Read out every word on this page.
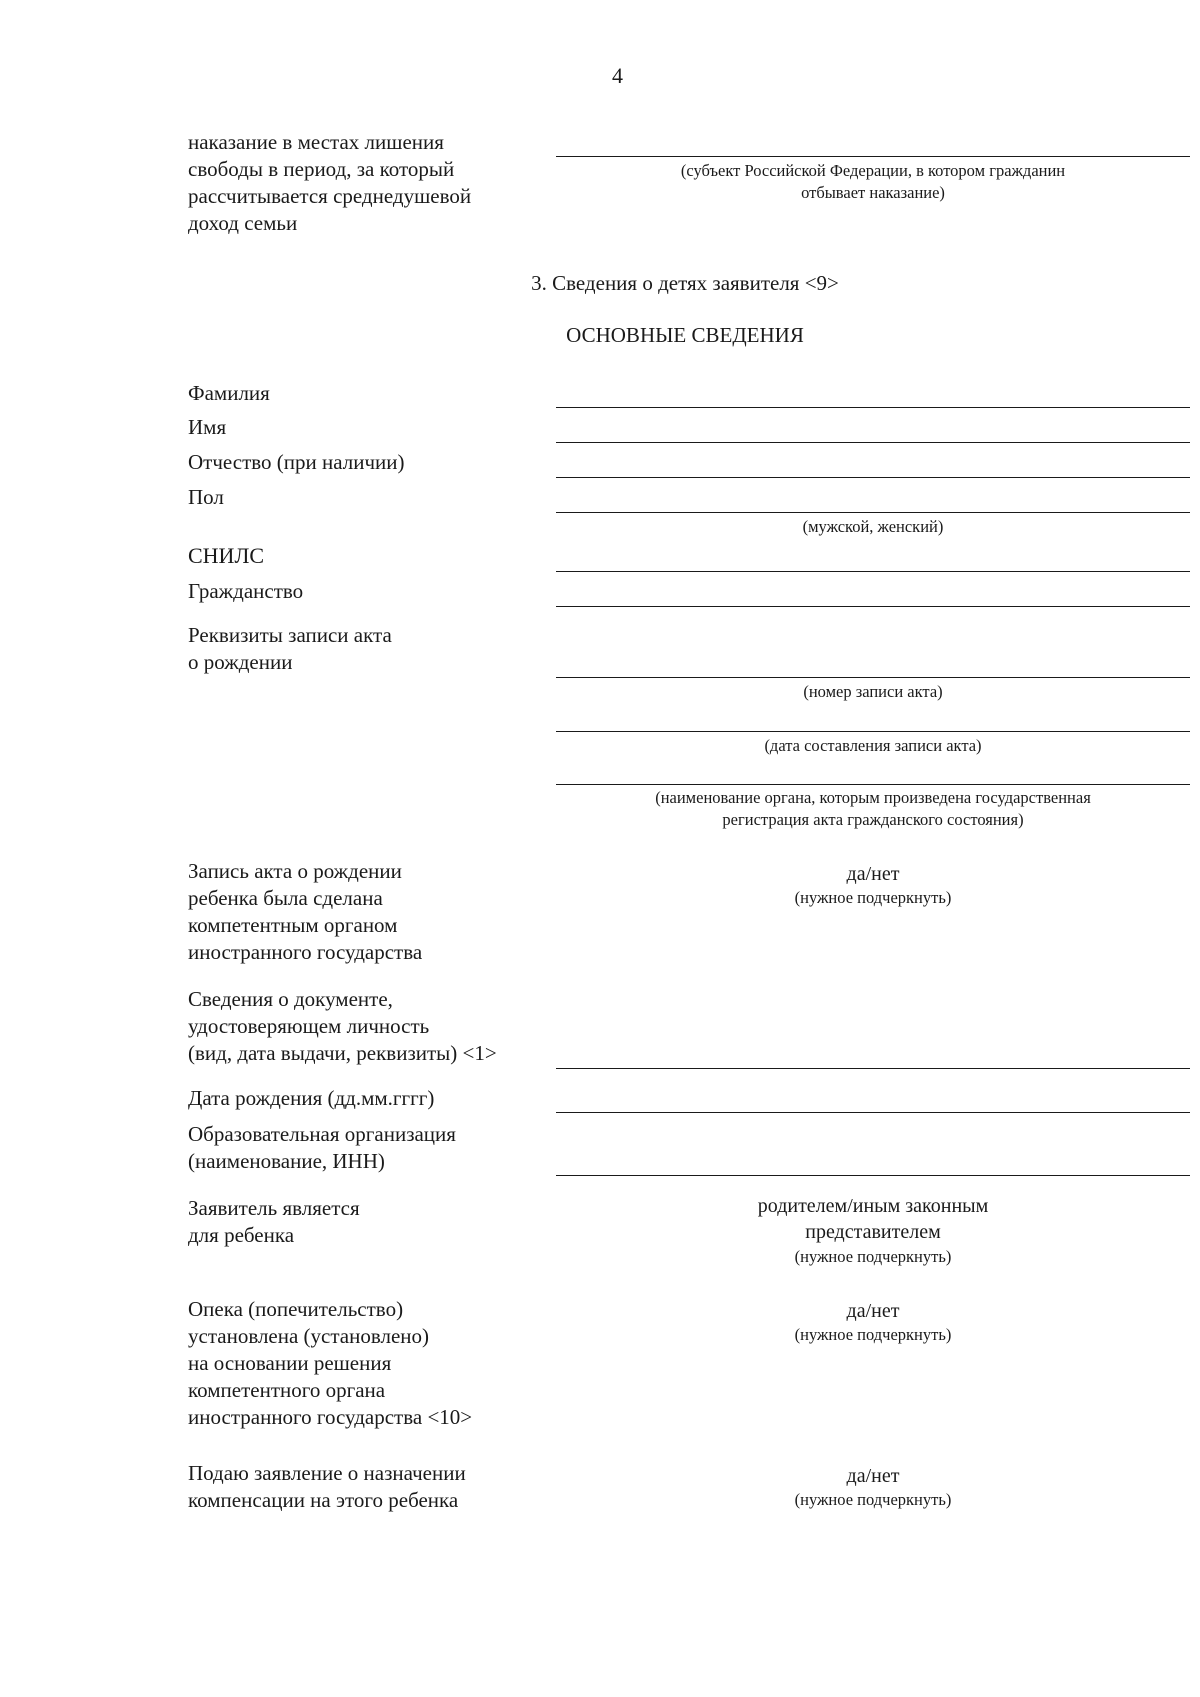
4
наказание в местах лишения
свободы в период, за который
рассчитывается среднедушевой
доход семьи
(субъект Российской Федерации, в котором гражданин
отбывает наказание)
3. Сведения о детях заявителя <9>
ОСНОВНЫЕ СВЕДЕНИЯ
Фамилия
Имя
Отчество (при наличии)
Пол
(мужской, женский)
СНИЛС
Гражданство
Реквизиты записи акта
о рождении
(номер записи акта)
(дата составления записи акта)
(наименование органа, которым произведена государственная
регистрация акта гражданского состояния)
Запись акта о рождении
ребенка была сделана
компетентным органом
иностранного государства
да/нет
(нужное подчеркнуть)
Сведения о документе,
удостоверяющем личность
(вид, дата выдачи, реквизиты) <1>
Дата рождения (дд.мм.гггг)
Образовательная организация
(наименование, ИНН)
Заявитель является
для ребенка
родителем/иным законным
представителем
(нужное подчеркнуть)
Опека (попечительство)
установлена (установлено)
на основании решения
компетентного органа
иностранного государства <10>
да/нет
(нужное подчеркнуть)
Подаю заявление о назначении
компенсации на этого ребенка
да/нет
(нужное подчеркнуть)
